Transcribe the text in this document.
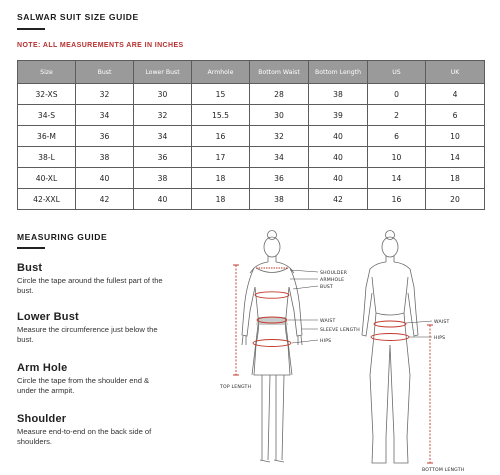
SALWAR SUIT SIZE GUIDE
NOTE: ALL MEASUREMENTS ARE IN INCHES
Size	Bust	Lower Bust	Armhole	Bottom Waist	Bottom Length	US	UK
32-XS	32	30	15	28	38	0	4
34-S	34	32	15.5	30	39	2	6
36-M	36	34	16	32	40	6	10
38-L	38	36	17	34	40	10	14
40-XL	40	38	18	36	40	14	18
42-XXL	42	40	18	38	42	16	20
MEASURING GUIDE
Bust

Circle the tape around the fullest part of the bust.

Lower Bust

Measure the circumference just below the bust.

Arm Hole

Circle the tape from the shoulder end & under the armpit.

Shoulder

Measure end-to-end on the back side of shoulders.

SHOULDER
ARMHOLE
BUST
WAIST
SLEEVE LENGTH
HIPS
TOP LENGTH
WAIST
HIPS
BOTTOM LENGTH
